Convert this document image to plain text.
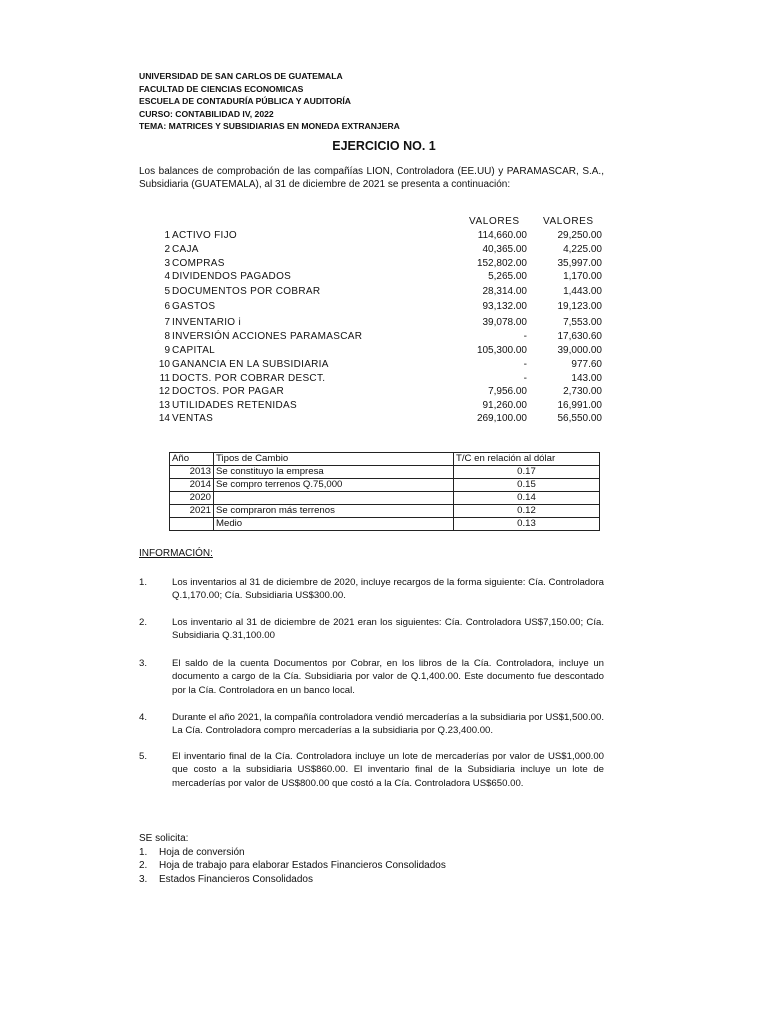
UNIVERSIDAD DE SAN CARLOS DE GUATEMALA
FACULTAD DE CIENCIAS ECONOMICAS
ESCUELA DE CONTADURÍA PÚBLICA Y AUDITORÍA
CURSO: CONTABILIDAD IV, 2022
TEMA: MATRICES Y SUBSIDIARIAS EN MONEDA EXTRANJERA
EJERCICIO NO. 1
Los balances de comprobación de las compañías LION, Controladora (EE.UU) y PARAMASCAR, S.A., Subsidiaria (GUATEMALA), al 31 de diciembre de 2021 se presenta a continuación:
VALORES VALORES
1 ACTIVO FIJO	114,660.00	29,250.00
2 CAJA	40,365.00	4,225.00
3 COMPRAS	152,802.00	35,997.00
4 DIVIDENDOS PAGADOS	5,265.00	1,170.00
5 DOCUMENTOS POR COBRAR	28,314.00	1,443.00
6 GASTOS	93,132.00	19,123.00
7 INVENTARIO i	39,078.00	7,553.00
8 INVERSIÓN ACCIONES PARAMASCAR	-	17,630.60
9 CAPITAL	105,300.00	39,000.00
10 GANANCIA EN LA SUBSIDIARIA	-	977.60
11 DOCTS. POR COBRAR DESCT.	-	143.00
12 DOCTOS. POR PAGAR	7,956.00	2,730.00
13 UTILIDADES RETENIDAS	91,260.00	16,991.00
14 VENTAS	269,100.00	56,550.00
Año	Tipos de Cambio	T/C en relación al dólar
2013	Se constituyo la empresa	0.17
2014	Se compro terrenos Q.75,000	0.15
2020		0.14
2021	Se compraron más terrenos	0.12
	Medio	0.13
INFORMACIÓN:
1.	Los inventarios al 31 de diciembre de 2020, incluye recargos de la forma siguiente: Cía. Controladora Q.1,170.00; Cía. Subsidiaria US$300.00.
2.	Los inventario al 31 de diciembre de 2021 eran los siguientes: Cía. Controladora US$7,150.00; Cía. Subsidiaria Q.31,100.00
3.	El saldo de la cuenta Documentos por Cobrar, en los libros de la Cía. Controladora, incluye un documento a cargo de la Cía. Subsidiaria por valor de Q.1,400.00. Este documento fue descontado por la Cía. Controladora en un banco local.
4.	Durante el año 2021, la compañía controladora vendió mercaderías a la subsidiaria por US$1,500.00. La Cía. Controladora compro mercaderías a la subsidiaria por Q.23,400.00.
5.	El inventario final de la Cía. Controladora incluye un lote de mercaderías por valor de US$1,000.00 que costo a la subsidiaria US$860.00. El inventario final de la Subsidiaria incluye un lote de mercaderías por valor de US$800.00 que costó a la Cía. Controladora US$650.00.
SE solicita:
1. Hoja de conversión
2. Hoja de trabajo para elaborar Estados Financieros Consolidados
3. Estados Financieros Consolidados
